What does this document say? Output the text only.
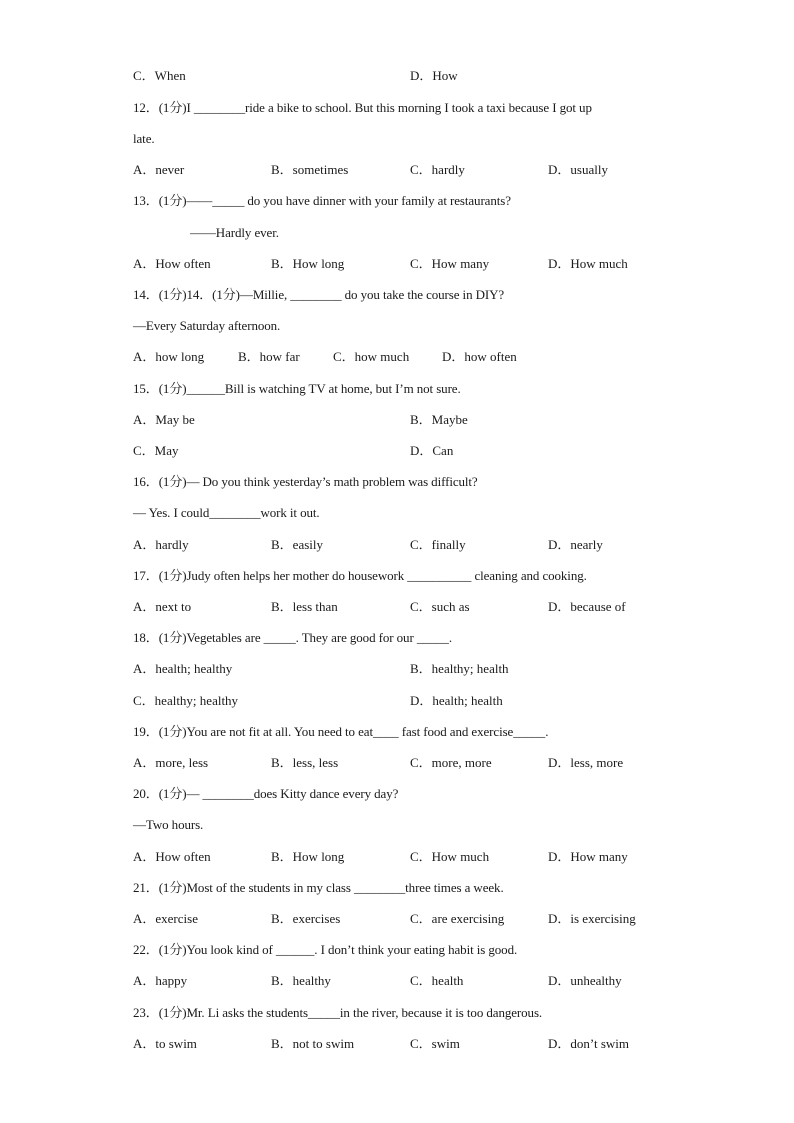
C．When	D．How
12．(1分)I ________ride a bike to school. But this morning I took a taxi because I got up
late.
A．never	B．sometimes	C．hardly	D．usually
13．(1分)——_____ do you have dinner with your family at restaurants?
——Hardly ever.
A．How often	B．How long	C．How many	D．How much
14．(1分)14．(1分)—Millie, ________ do you take the course in DIY?
—Every Saturday afternoon.
A．how long	B．how far	C．how much	D．how often
15．(1分)______Bill is watching TV at home, but I’m not sure.
A．May be	B．Maybe
C．May	D．Can
16．(1分)— Do you think yesterday’s math problem was difficult?
— Yes. I could________work it out.
A．hardly	B．easily	C．finally	D．nearly
17．(1分)Judy often helps her mother do housework __________ cleaning and cooking.
A．next to	B．less than	C．such as	D．because of
18．(1分)Vegetables are _____. They are good for our _____.
A．health; healthy	B．healthy; health
C．healthy; healthy	D．health; health
19．(1分)You are not fit at all. You need to eat____ fast food and exercise_____.
A．more, less	B．less, less	C．more, more	D．less, more
20．(1分)— ________does Kitty dance every day?
—Two hours.
A．How often	B．How long	C．How much	D．How many
21．(1分)Most of the students in my class ________three times a week.
A．exercise	B．exercises	C．are exercising	D．is exercising
22．(1分)You look kind of ______. I don’t think your eating habit is good.
A．happy	B．healthy	C．health	D．unhealthy
23．(1分)Mr. Li asks the students_____in the river, because it is too dangerous.
A．to swim	B．not to swim	C．swim	D．don’t swim
